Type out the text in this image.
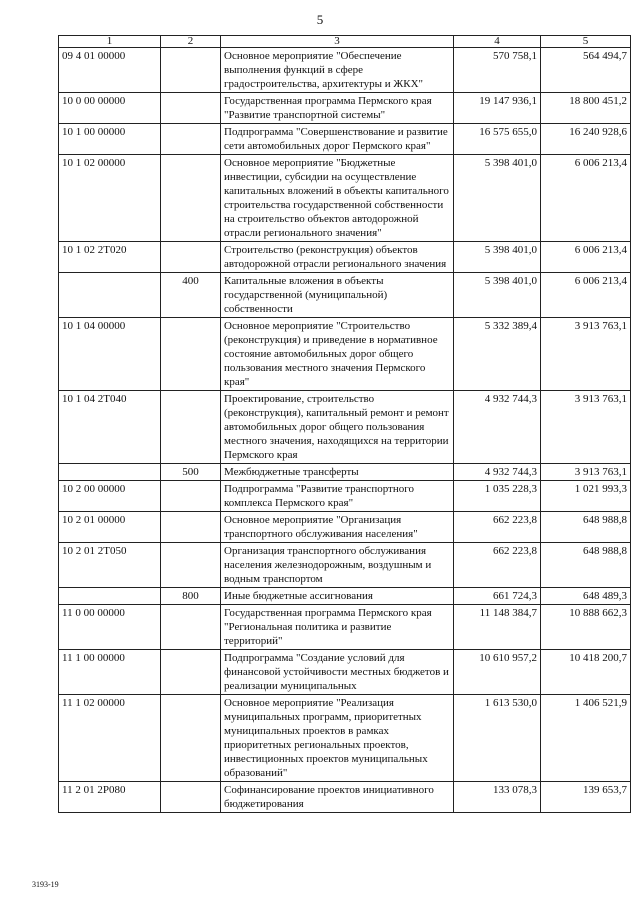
5
1	2	3	4	5
09 4 01 00000		Основное мероприятие "Обеспечение выполнения функций в сфере градостроительства, архитектуры и ЖКХ"	570 758,1	564 494,7
10 0 00 00000		Государственная программа Пермского края "Развитие транспортной системы"	19 147 936,1	18 800 451,2
10 1 00 00000		Подпрограмма "Совершенствование и развитие сети автомобильных дорог Пермского края"	16 575 655,0	16 240 928,6
10 1 02 00000		Основное мероприятие "Бюджетные инвестиции, субсидии на осуществление капитальных вложений в объекты капитального строительства государственной собственности на строительство объектов автодорожной отрасли регионального значения"	5 398 401,0	6 006 213,4
10 1 02 2Т020		Строительство (реконструкция) объектов автодорожной отрасли регионального значения	5 398 401,0	6 006 213,4
	400	Капитальные вложения в объекты государственной (муниципальной) собственности	5 398 401,0	6 006 213,4
10 1 04 00000		Основное мероприятие "Строительство (реконструкция) и приведение в нормативное состояние автомобильных дорог общего пользования местного значения Пермского края"	5 332 389,4	3 913 763,1
10 1 04 2Т040		Проектирование, строительство (реконструкция), капитальный ремонт и ремонт автомобильных дорог общего пользования местного значения, находящихся на территории Пермского края	4 932 744,3	3 913 763,1
	500	Межбюджетные трансферты	4 932 744,3	3 913 763,1
10 2 00 00000		Подпрограмма "Развитие транспортного комплекса Пермского края"	1 035 228,3	1 021 993,3
10 2 01 00000		Основное мероприятие "Организация транспортного обслуживания населения"	662 223,8	648 988,8
10 2 01 2Т050		Организация транспортного обслуживания населения железнодорожным, воздушным и водным транспортом	662 223,8	648 988,8
	800	Иные бюджетные ассигнования	661 724,3	648 489,3
11 0 00 00000		Государственная программа Пермского края "Региональная политика и развитие территорий"	11 148 384,7	10 888 662,3
11 1 00 00000		Подпрограмма "Создание условий для финансовой устойчивости местных бюджетов и реализации муниципальных	10 610 957,2	10 418 200,7
11 1 02 00000		Основное мероприятие "Реализация муниципальных программ, приоритетных муниципальных проектов в рамках приоритетных региональных проектов, инвестиционных проектов муниципальных образований"	1 613 530,0	1 406 521,9
11 2 01 2Р080		Софинансирование проектов инициативного бюджетирования	133 078,3	139 653,7
3193-19
